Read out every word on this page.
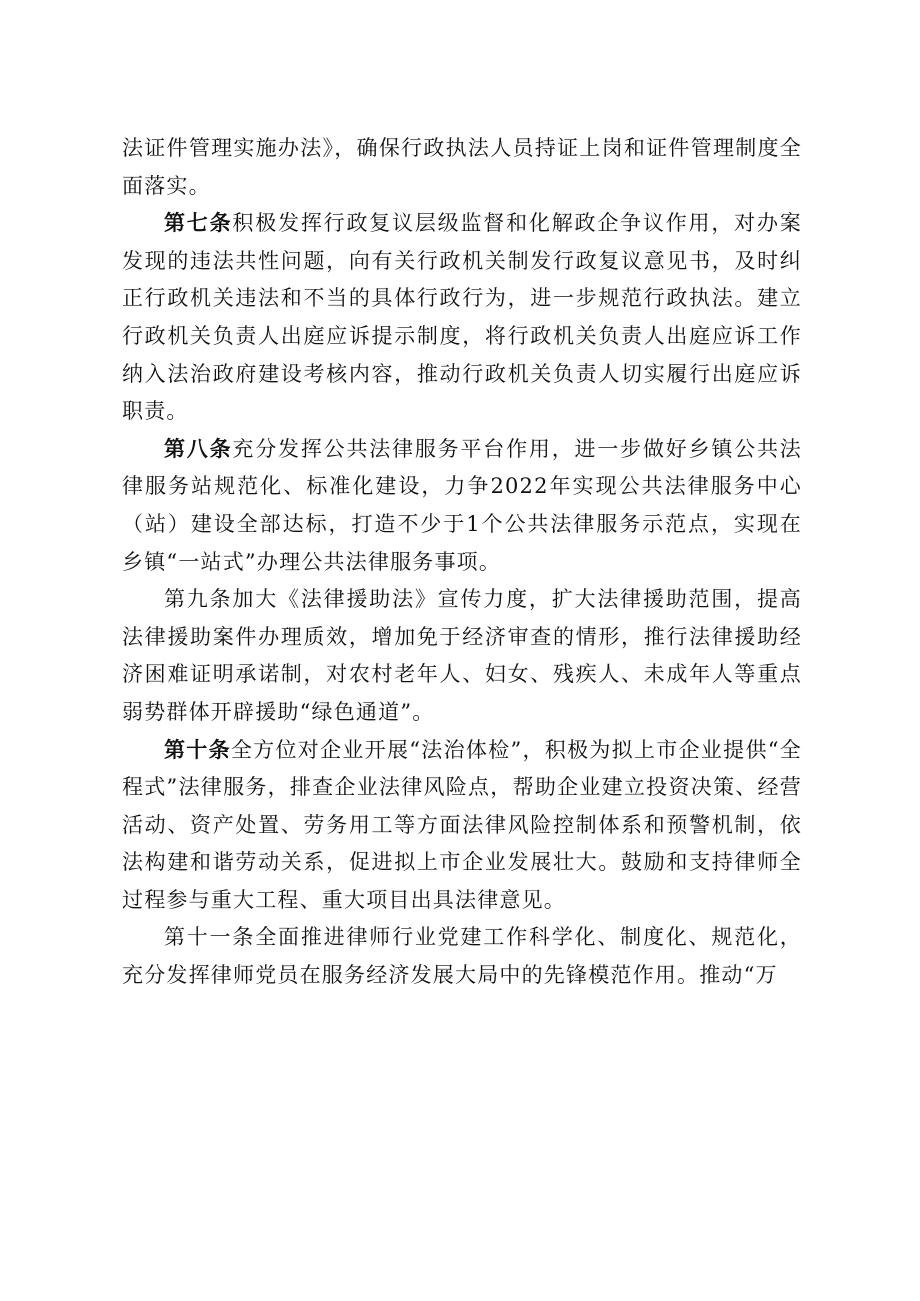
法证件管理实施办法》，确保行政执法人员持证上岗和证件管理制度全面落实。

第七条积极发挥行政复议层级监督和化解政企争议作用，对办案发现的违法共性问题，向有关行政机关制发行政复议意见书，及时纠正行政机关违法和不当的具体行政行为，进一步规范行政执法。建立行政机关负责人出庭应诉提示制度，将行政机关负责人出庭应诉工作纳入法治政府建设考核内容，推动行政机关负责人切实履行出庭应诉职责。

第八条充分发挥公共法律服务平台作用，进一步做好乡镇公共法律服务站规范化、标准化建设，力争2022年实现公共法律服务中心（站）建设全部达标，打造不少于1个公共法律服务示范点，实现在乡镇“一站式”办理公共法律服务事项。

第九条加大《法律援助法》宣传力度，扩大法律援助范围，提高法律援助案件办理质效，增加免于经济审查的情形，推行法律援助经济困难证明承诺制，对农村老年人、妇女、残疾人、未成年人等重点弱势群体开辟援助“绿色通道”。

第十条全方位对企业开展“法治体检”，积极为拟上市企业提供“全程式”法律服务，排查企业法律风险点，帮助企业建立投资决策、经营活动、资产处置、劳务用工等方面法律风险控制体系和预警机制，依法构建和谐劳动关系，促进拟上市企业发展壮大。鼓励和支持律师全过程参与重大工程、重大项目出具法律意见。

第十一条全面推进律师行业党建工作科学化、制度化、规范化，充分发挥律师党员在服务经济发展大局中的先锋模范作用。推动“万
